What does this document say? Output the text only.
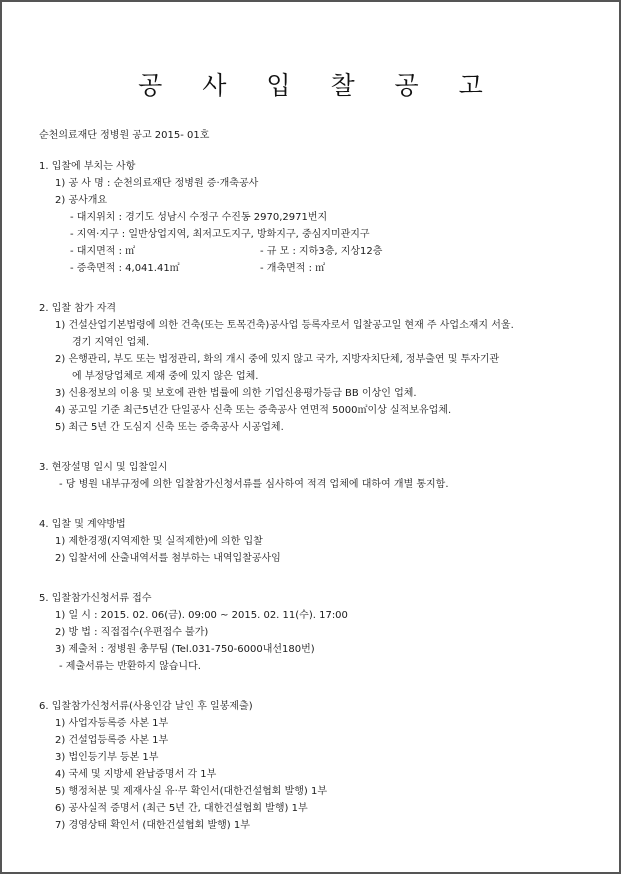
공 사 입 찰 공 고
순천의료재단 정병원 공고 2015- 01호
1. 입찰에 부치는 사항
1) 공 사 명 : 순천의료재단 정병원 증·개축공사
2) 공사개요
- 대지위치 : 경기도 성남시 수정구 수진동 2970,2971번지
- 지역·지구 : 일반상업지역, 최저고도지구, 방화지구, 중심지미관지구
- 대지면적 : ㎡	- 규 모 : 지하3층, 지상12층
- 증축면적 : 4,041.41㎡	- 개축면적 : ㎡
2. 입찰 참가 자격
1) 건설산업기본법령에 의한 건축(또는 토목건축)공사업 등록자로서 입찰공고일 현재 주 사업소재지 서울.
경기 지역인 업체.
2) 은행관리, 부도 또는 법정관리, 화의 개시 중에 있지 않고 국가, 지방자치단체, 정부출연 및 투자기관
에 부정당업체로 제재 중에 있지 않은 업체.
3) 신용정보의 이용 및 보호에 관한 법률에 의한 기업신용평가등급 BB 이상인 업체.
4) 공고일 기준 최근5년간 단일공사 신축 또는 증축공사 연면적 5000㎡이상 실적보유업체.
5) 최근 5년 간 도심지 신축 또는 증축공사 시공업체.
3. 현장설명 일시 및 입찰일시
- 당 병원 내부규정에 의한 입찰참가신청서류를 심사하여 적격 업체에 대하여 개별 통지함.
4. 입찰 및 계약방법
1) 제한경쟁(지역제한 및 실적제한)에 의한 입찰
2) 입찰서에 산출내역서를 첨부하는 내역입찰공사임
5. 입찰참가신청서류 접수
1) 일 시 : 2015. 02. 06(금). 09:00 ~ 2015. 02. 11(수). 17:00
2) 방 법 : 직접접수(우편접수 불가)
3) 제출처 : 정병원 총무팀 (Tel.031-750-6000내선180번)
- 제출서류는 반환하지 않습니다.
6. 입찰참가신청서류(사용인감 날인 후 일봉제출)
1) 사업자등록증 사본 1부
2) 건설업등록증 사본 1부
3) 법인등기부 등본 1부
4) 국세 및 지방세 완납증명서 각 1부
5) 행정처분 및 제재사실 유·무 확인서(대한건설협회 발행) 1부
6) 공사실적 증명서 (최근 5년 간, 대한건설협회 발행) 1부
7) 경영상태 확인서 (대한건설협회 발행) 1부
